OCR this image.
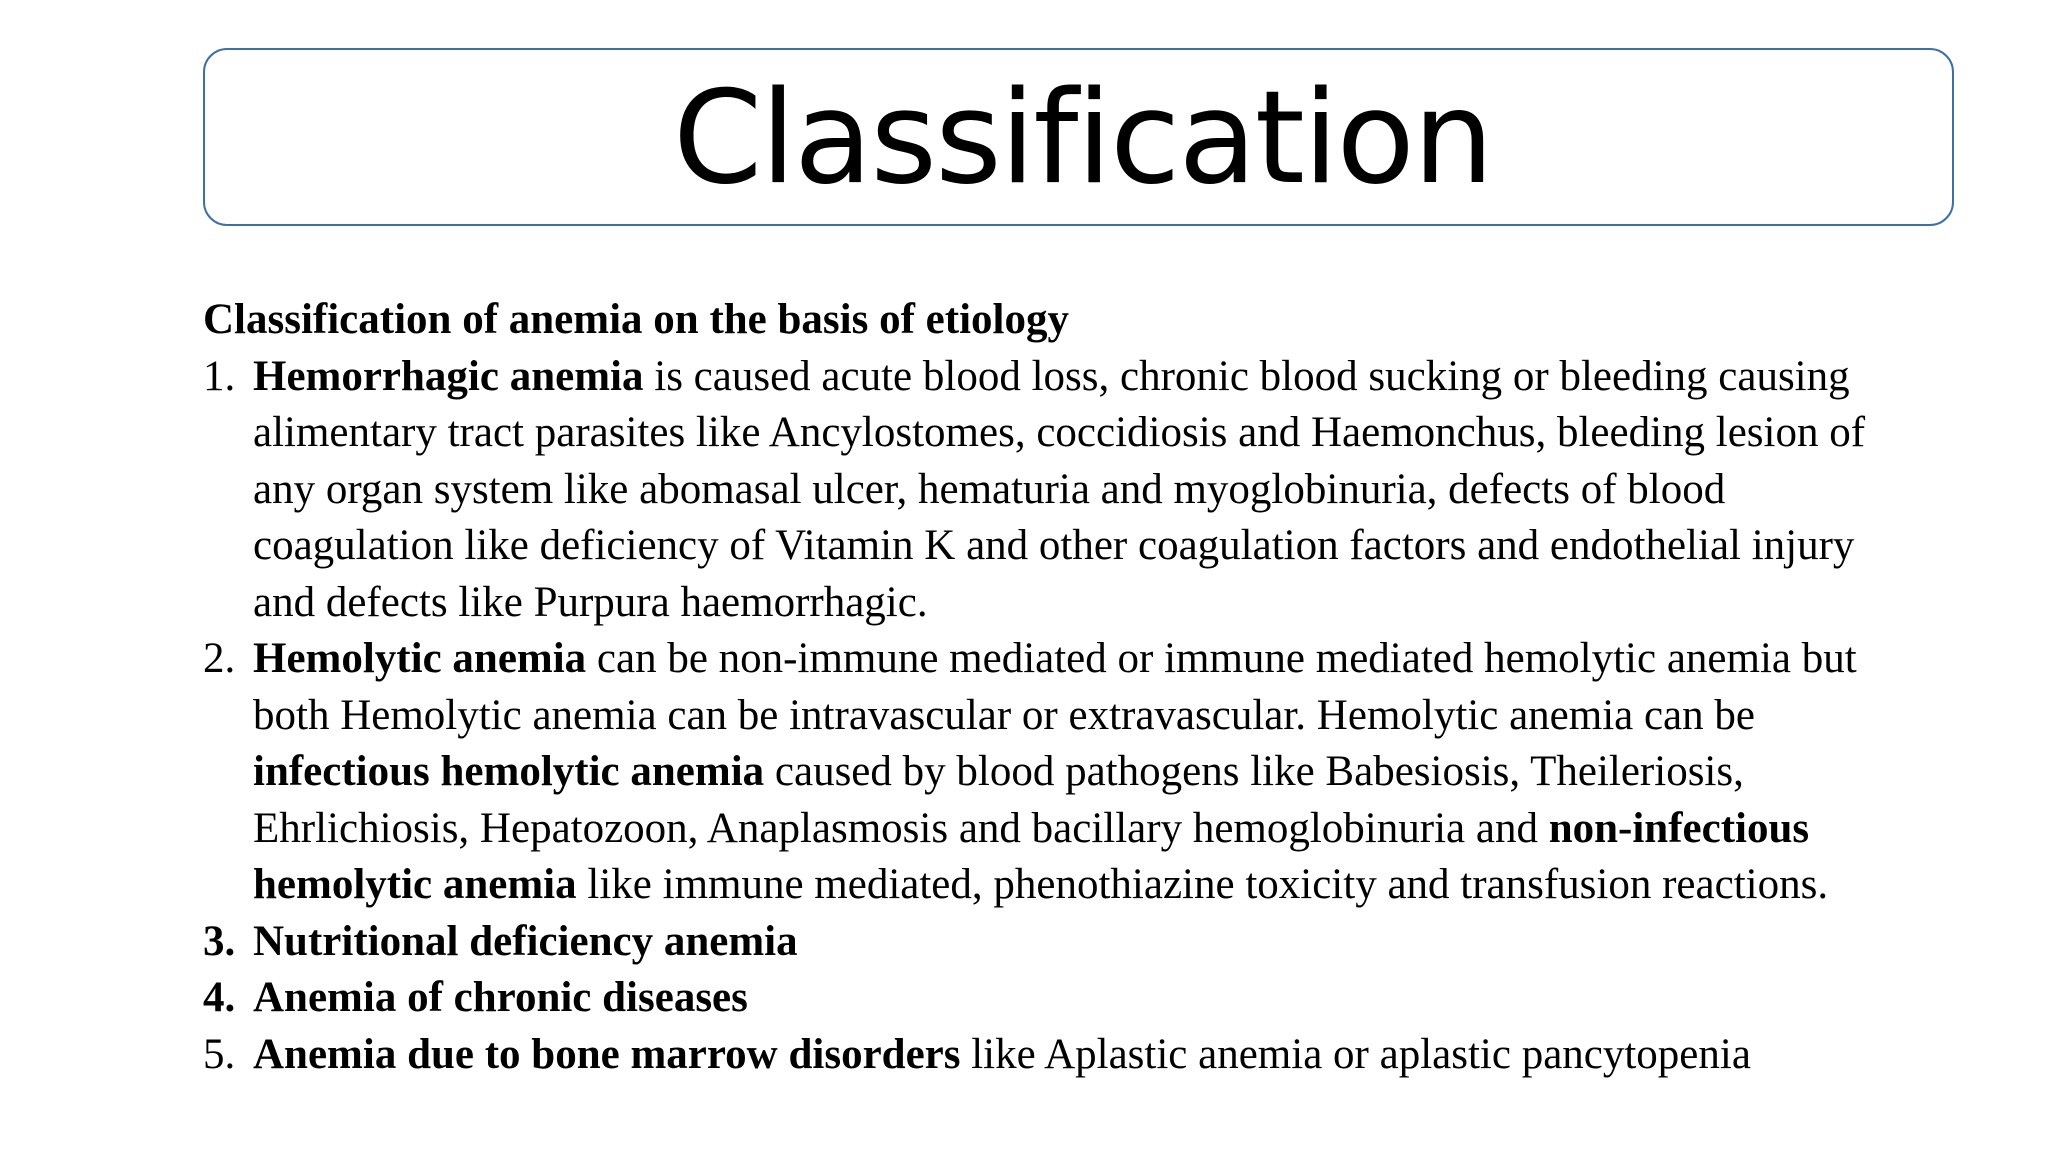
Classification

Classification of anemia on the basis of etiology

1. Hemorrhagic anemia is caused acute blood loss, chronic blood sucking or bleeding causing alimentary tract parasites like Ancylostomes, coccidiosis and Haemonchus, bleeding lesion of any organ system like abomasal ulcer, hematuria and myoglobinuria, defects of blood coagulation like deficiency of Vitamin K and other coagulation factors and endothelial injury and defects like Purpura haemorrhagic.
2. Hemolytic anemia can be non-immune mediated or immune mediated hemolytic anemia but both Hemolytic anemia can be intravascular or extravascular. Hemolytic anemia can be infectious hemolytic anemia caused by blood pathogens like Babesiosis, Theileriosis, Ehrlichiosis, Hepatozoon, Anaplasmosis and bacillary hemoglobinuria and non-infectious hemolytic anemia like immune mediated, phenothiazine toxicity and transfusion reactions.
3. Nutritional deficiency anemia
4. Anemia of chronic diseases
5. Anemia due to bone marrow disorders like Aplastic anemia or aplastic pancytopenia
